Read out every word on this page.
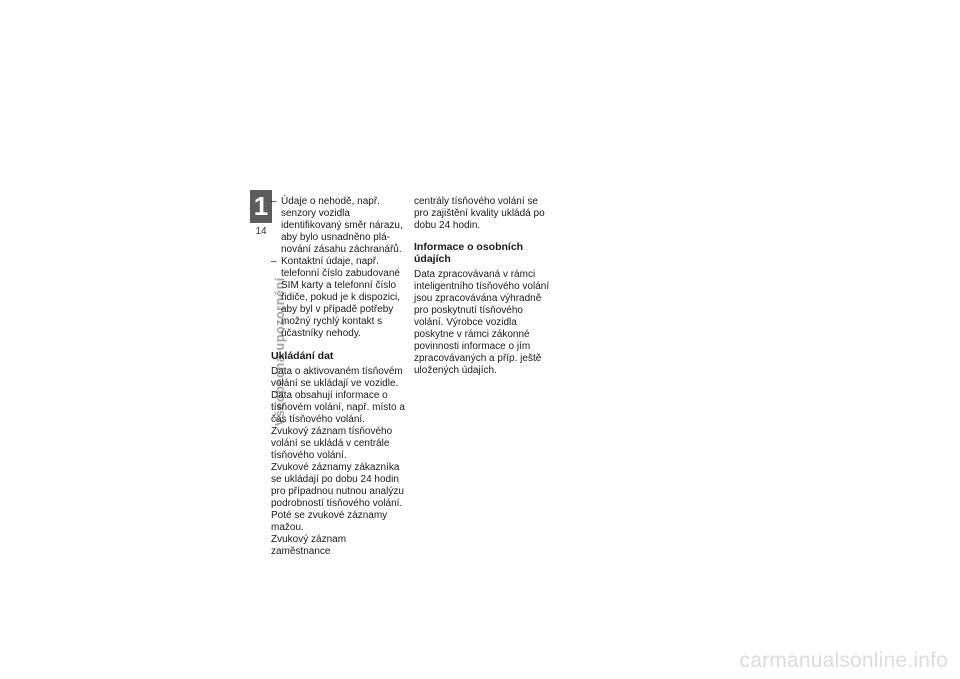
1
14
Všeobecná upozornění
– Údaje o nehodě, např. senzory vozidla identifikovaný směr nárazu, aby bylo usnadněno plánování zásahu záchranářů.
– Kontaktní údaje, např. telefonní číslo zabudované SIM karty a telefonní číslo řidiče, pokud je k dispozici, aby byl v případě potřeby možný rychlý kontakt s účastníky nehody.
Ukládání dat

Data o aktivovaném tísňovém volání se ukládají ve vozidle. Data obsahují informace o tísňovém volání, např. místo a čas tísňového volání.

Zvukový záznam tísňového volání se ukládá v centrále tísňového volání.

Zvukové záznamy zákazníka se ukládají po dobu 24 hodin pro případnou nutnou analýzu podrobností tísňového volání. Poté se zvukové záznamy mažou.

Zvukový záznam zaměstnance

centrály tísňového volání se pro zajištění kvality ukládá po dobu 24 hodin.

Informace o osobních údajích

Data zpracovávaná v rámci inteligentního tísňového volání jsou zpracovávána výhradně pro poskytnutí tísňového volání. Výrobce vozidla poskytne v rámci zákonné povinnosti informace o jím zpracovávaných a příp. ještě uložených údajích.

carmanualsonline.info
